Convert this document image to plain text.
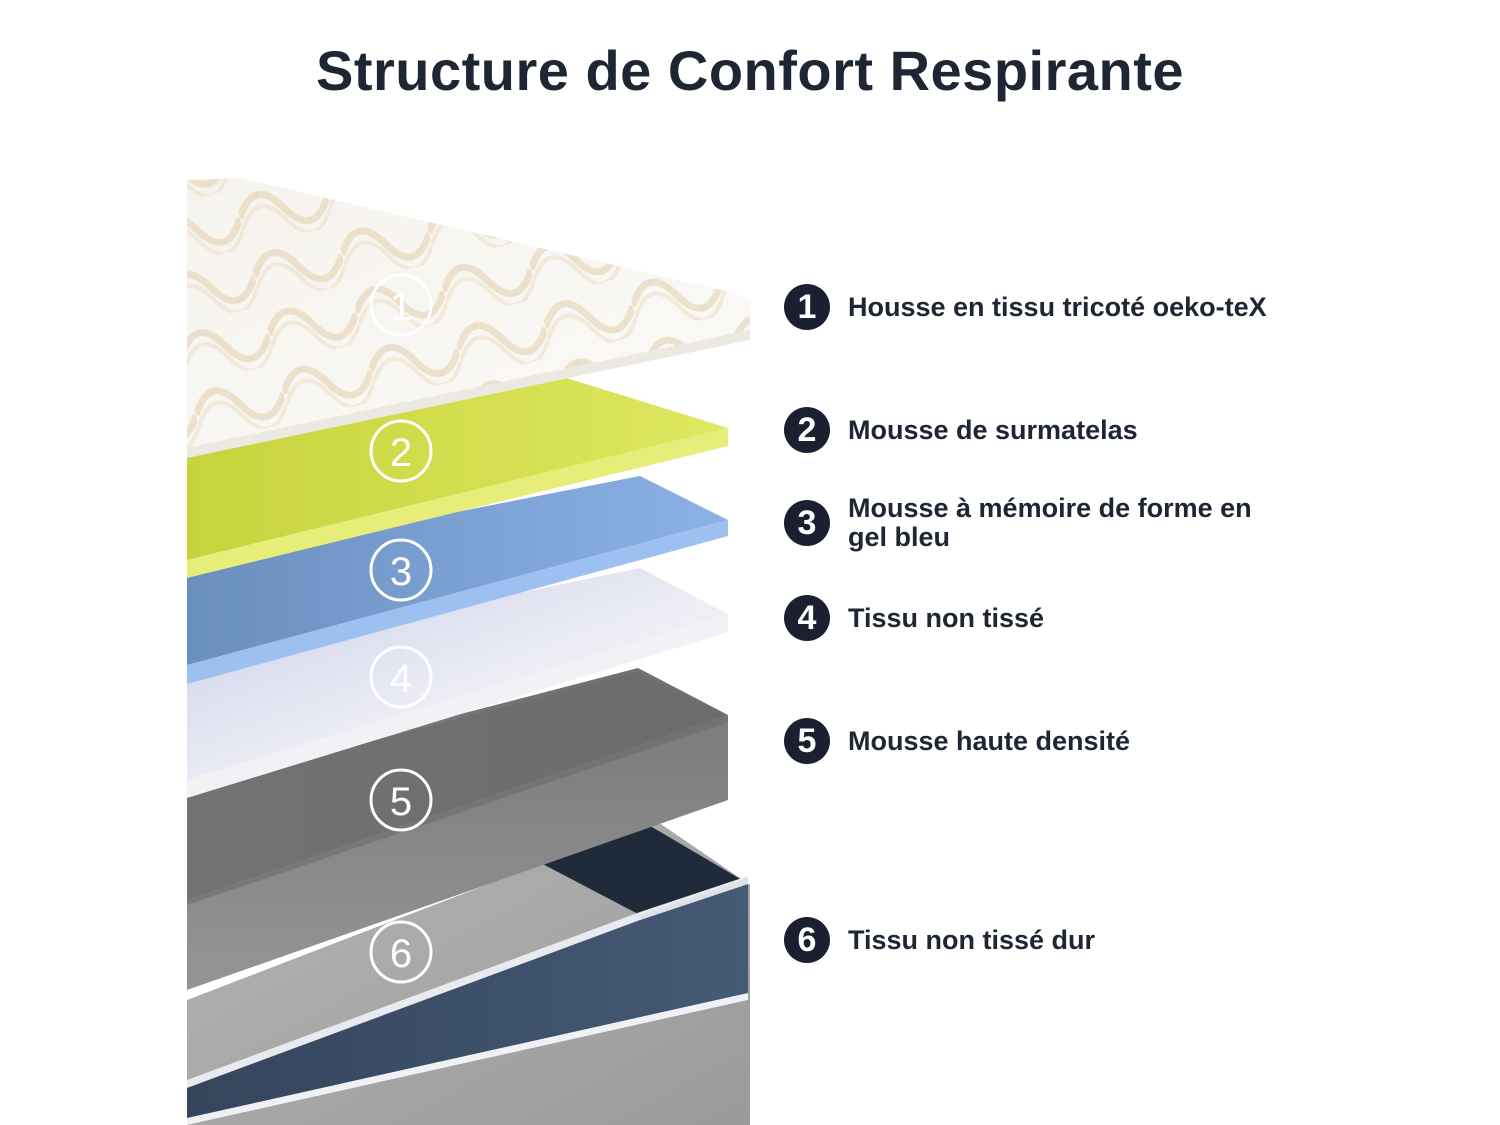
Structure de Confort Respirante
1
2
3
4
5
6
1	Housse en tissu tricoté oeko-teX
2	Mousse de surmatelas
3	Mousse à mémoire de forme en gel bleu
4	Tissu non tissé
5	Mousse haute densité
6	Tissu non tissé dur
